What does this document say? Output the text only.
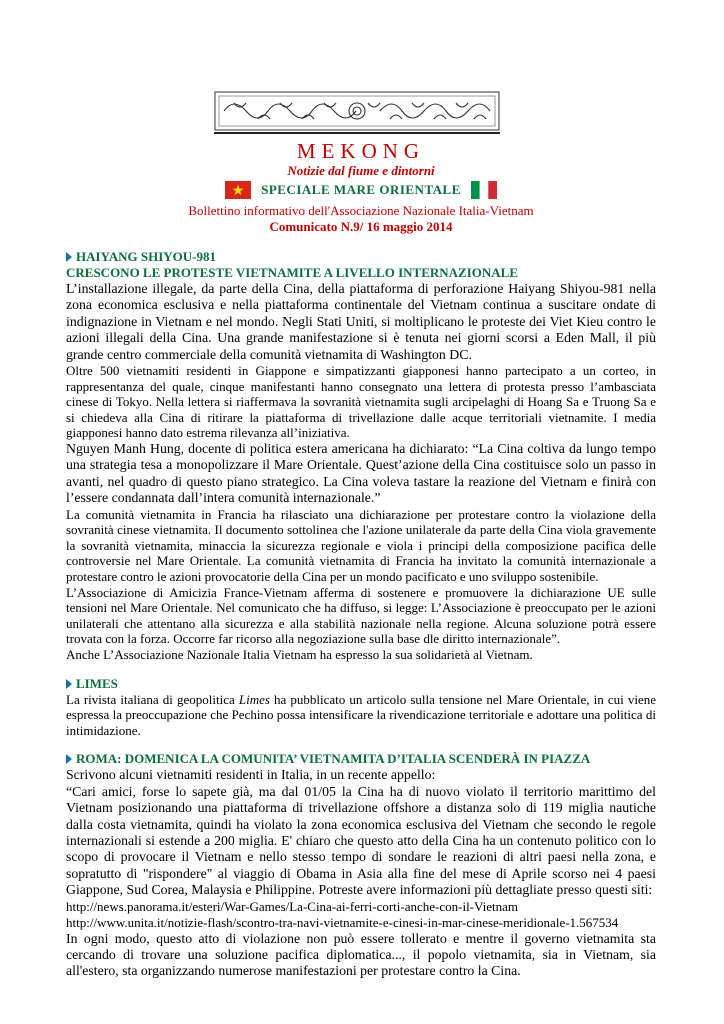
MEKONG
Notizie dal fiume e dintorni
SPECIALE MARE ORIENTALE
Bollettino informativo dell'Associazione Nazionale Italia-Vietnam
Comunicato N.9/ 16 maggio 2014
HAIYANG SHIYOU-981
CRESCONO LE PROTESTE VIETNAMITE A LIVELLO INTERNAZIONALE

L’installazione illegale, da parte della Cina, della piattaforma di perforazione Haiyang Shiyou-981 nella zona economica esclusiva e nella piattaforma continentale del Vietnam continua a suscitare ondate di indignazione in Vietnam e nel mondo. Negli Stati Uniti, si moltiplicano le proteste dei Viet Kieu contro le azioni illegali della Cina. Una grande manifestazione si è tenuta nei giorni scorsi a Eden Mall, il più grande centro commerciale della comunità vietnamita di Washington DC.

Oltre 500 vietnamiti residenti in Giappone e simpatizzanti giapponesi hanno partecipato a un corteo, in rappresentanza del quale, cinque manifestanti hanno consegnato una lettera di protesta presso l’ambasciata cinese di Tokyo. Nella lettera si riaffermava la sovranità vietnamita sugli arcipelaghi di Hoang Sa e Truong Sa e si chiedeva alla Cina di ritirare la piattaforma di trivellazione dalle acque territoriali vietnamite. I media giapponesi hanno dato estrema rilevanza all’iniziativa.

Nguyen Manh Hung, docente di politica estera americana ha dichiarato: “La Cina coltiva da lungo tempo una strategia tesa a monopolizzare il Mare Orientale. Quest’azione della Cina costituisce solo un passo in avanti, nel quadro di questo piano strategico. La Cina voleva tastare la reazione del Vietnam e finirà con l’essere condannata dall’intera comunità internazionale.”

La comunità vietnamita in Francia ha rilasciato una dichiarazione per protestare contro la violazione della sovranità cinese vietnamita. Il documento sottolinea che l'azione unilaterale da parte della Cina viola gravemente la sovranità vietnamita, minaccia la sicurezza regionale e viola i principi della composizione pacifica delle controversie nel Mare Orientale. La comunità vietnamita di Francia ha invitato la comunità internazionale a protestare contro le azioni provocatorie della Cina per un mondo pacificato e uno sviluppo sostenibile.

L’Associazione di Amicizia France-Vietnam afferma di sostenere e promuovere la dichiarazione UE sulle tensioni nel Mare Orientale. Nel comunicato che ha diffuso, si legge: L’Associazione è preoccupato per le azioni unilaterali che attentano alla sicurezza e alla stabilità nazionale nella regione. Alcuna soluzione potrà essere trovata con la forza. Occorre far ricorso alla negoziazione sulla base dle diritto internazionale”.

Anche L’Associazione Nazionale Italia Vietnam ha espresso la sua solidarietà al Vietnam.

LIMES

La rivista italiana di geopolitica Limes ha pubblicato un articolo sulla tensione nel Mare Orientale, in cui viene espressa la preoccupazione che Pechino possa intensificare la rivendicazione territoriale e adottare una politica di intimidazione.

ROMA: DOMENICA LA COMUNITA’ VIETNAMITA D’ITALIA SCENDERÀ IN PIAZZA

Scrivono alcuni vietnamiti residenti in Italia, in un recente appello:

“Cari amici, forse lo sapete già, ma dal 01/05 la Cina ha di nuovo violato il territorio marittimo del Vietnam posizionando una piattaforma di trivellazione offshore a distanza solo di 119 miglia nautiche dalla costa vietnamita, quindi ha violato la zona economica esclusiva del Vietnam che secondo le regole internazionali si estende a 200 miglia. E' chiaro che questo atto della Cina ha un contenuto politico con lo scopo di provocare il Vietnam e nello stesso tempo di sondare le reazioni di altri paesi nella zona, e sopratutto di "rispondere" al viaggio di Obama in Asia alla fine del mese di Aprile scorso nei 4 paesi Giappone, Sud Corea, Malaysia e Philippine. Potreste avere informazioni più dettagliate presso questi siti:

http://news.panorama.it/esteri/War-Games/La-Cina-ai-ferri-corti-anche-con-il-Vietnam
http://www.unita.it/notizie-flash/scontro-tra-navi-vietnamite-e-cinesi-in-mar-cinese-meridionale-1.567534

In ogni modo, questo atto di violazione non può essere tollerato e mentre il governo vietnamita sta cercando di trovare una soluzione pacifica diplomatica..., il popolo vietnamita, sia in Vietnam, sia all'estero, sta organizzando numerose manifestazioni per protestare contro la Cina.
